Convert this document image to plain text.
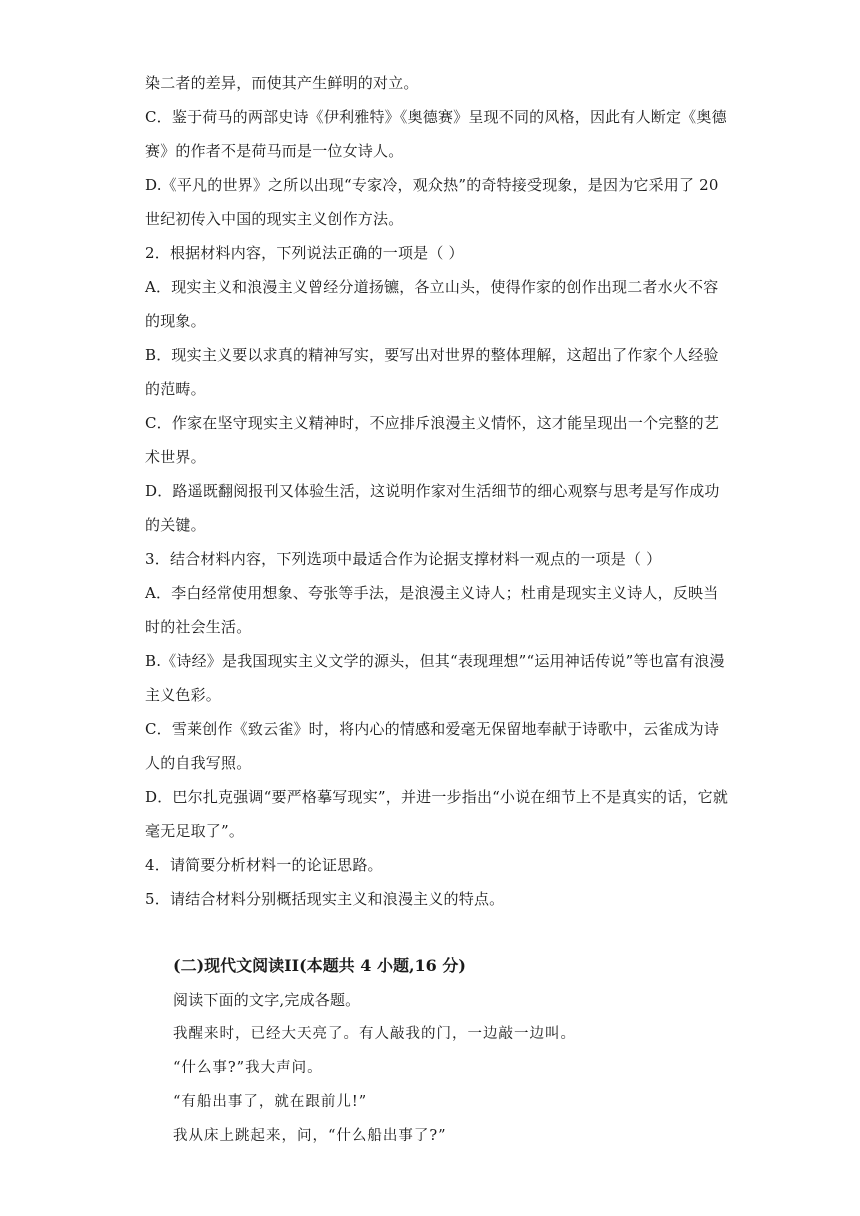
染二者的差异，而使其产生鲜明的对立。
C．鉴于荷马的两部史诗《伊利雅特》《奥德赛》呈现不同的风格，因此有人断定《奥德
赛》的作者不是荷马而是一位女诗人。
D.《平凡的世界》之所以出现“专家冷，观众热”的奇特接受现象，是因为它采用了 20
世纪初传入中国的现实主义创作方法。
2．根据材料内容，下列说法正确的一项是（ ）
A．现实主义和浪漫主义曾经分道扬镳，各立山头，使得作家的创作出现二者水火不容
的现象。
B．现实主义要以求真的精神写实，要写出对世界的整体理解，这超出了作家个人经验
的范畴。
C．作家在坚守现实主义精神时，不应排斥浪漫主义情怀，这才能呈现出一个完整的艺
术世界。
D．路遥既翻阅报刊又体验生活，这说明作家对生活细节的细心观察与思考是写作成功
的关键。
3．结合材料内容，下列选项中最适合作为论据支撑材料一观点的一项是（ ）
A．李白经常使用想象、夸张等手法，是浪漫主义诗人；杜甫是现实主义诗人，反映当
时的社会生活。
B.《诗经》是我国现实主义文学的源头，但其“表现理想”“运用神话传说”等也富有浪漫
主义色彩。
C．雪莱创作《致云雀》时，将内心的情感和爱毫无保留地奉献于诗歌中，云雀成为诗
人的自我写照。
D．巴尔扎克强调“要严格摹写现实”，并进一步指出“小说在细节上不是真实的话，它就
毫无足取了”。
4．请简要分析材料一的论证思路。
5．请结合材料分别概括现实主义和浪漫主义的特点。
(二)现代文阅读II(本题共 4 小题,16 分)
阅读下面的文字,完成各题。
我醒来时，已经大天亮了。有人敲我的门，一边敲一边叫。
“什么事?”我大声问。
“有船出事了，就在跟前儿!”
我从床上跳起来，问，“什么船出事了?”
